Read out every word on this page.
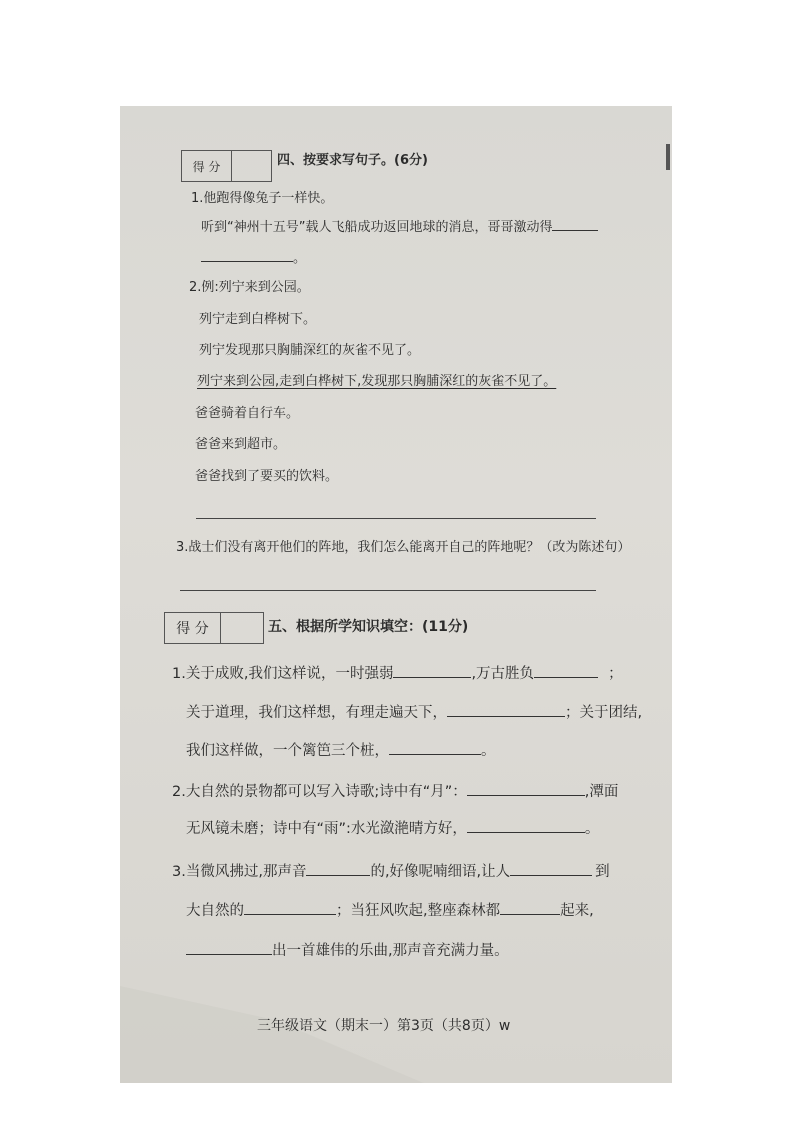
得 分	四、按要求写句子。(6分)
1.他跑得像兔子一样快。
听到“神州十五号”载人飞船成功返回地球的消息，哥哥激动得
。
2.例:列宁来到公园。
列宁走到白桦树下。
列宁发现那只胸脯深红的灰雀不见了。
列宁来到公园,走到白桦树下,发现那只胸脯深红的灰雀不见了。
爸爸骑着自行车。
爸爸来到超市。
爸爸找到了要买的饮料。
3.战士们没有离开他们的阵地，我们怎么能离开自己的阵地呢？（改为陈述句）
得 分	五、根据所学知识填空：(11分)
1.关于成败,我们这样说，一时强弱	,万古胜负	；
关于道理，我们这样想，有理走遍天下，	；关于团结,
我们这样做，一个篱笆三个桩，	。
2.大自然的景物都可以写入诗歌;诗中有“月”：	,潭面
无风镜未磨；诗中有“雨”:水光潋滟晴方好，	。
3.当微风拂过,那声音	的,好像呢喃细语,让人	到
大自然的	；当狂风吹起,整座森林都	起来,
出一首雄伟的乐曲,那声音充满力量。
三年级语文（期末一）第3页（共8页）w
